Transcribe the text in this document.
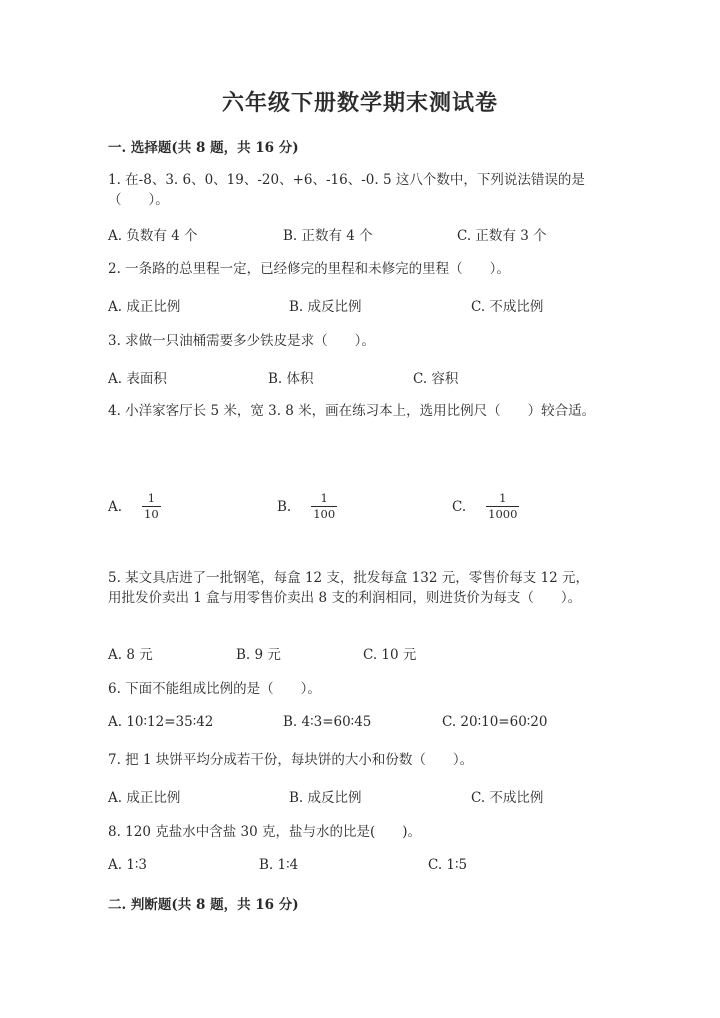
六年级下册数学期末测试卷

一. 选择题(共 8 题，共 16 分)

1. 在-8、3. 6、0、19、-20、+6、-16、-0. 5 这八个数中，下列说法错误的是（　　）。

A. 负数有 4 个	B. 正数有 4 个	C. 正数有 3 个

2. 一条路的总里程一定，已经修完的里程和未修完的里程（　　）。

A. 成正比例	B. 成反比例	C. 不成比例

3. 求做一只油桶需要多少铁皮是求（　　）。

A. 表面积	B. 体积	C. 容积

4. 小洋家客厅长 5 米，宽 3. 8 米，画在练习本上，选用比例尺（　　）较合适。

A. $\frac{1}{10}$	B. $\frac{1}{100}$	C. $\frac{1}{1000}$

5. 某文具店进了一批钢笔，每盒 12 支，批发每盒 132 元，零售价每支 12 元，用批发价卖出 1 盒与用零售价卖出 8 支的利润相同，则进货价为每支（　　）。

A. 8 元	B. 9 元	C. 10 元

6. 下面不能组成比例的是（　　）。

A. 10∶12=35∶42	B. 4∶3=60∶45	C. 20∶10=60∶20

7. 把 1 块饼平均分成若干份，每块饼的大小和份数（　　）。

A. 成正比例	B. 成反比例	C. 不成比例

8. 120 克盐水中含盐 30 克，盐与水的比是(　　)。

A. 1∶3	B. 1∶4	C. 1∶5

二. 判断题(共 8 题，共 16 分)
